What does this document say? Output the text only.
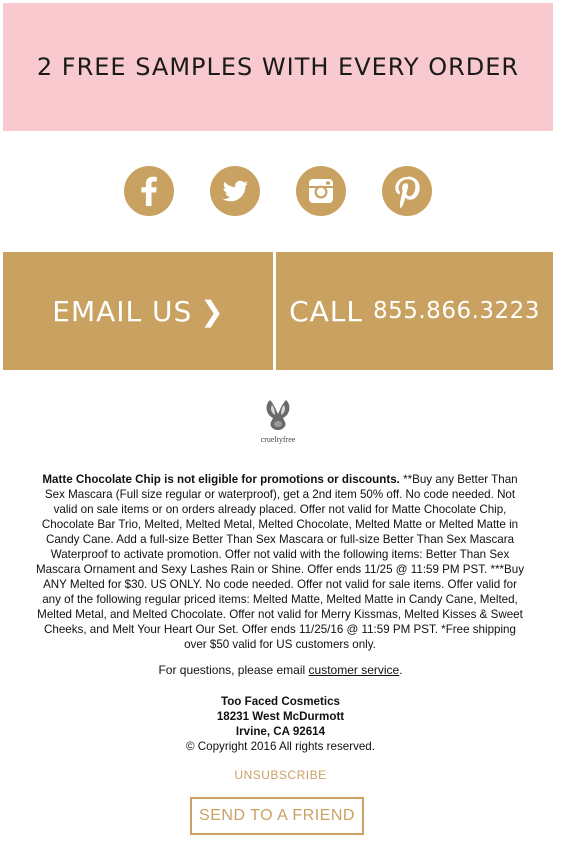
2 FREE SAMPLES WITH EVERY ORDER
EMAIL US ❯ CALL 855.866.3223
crueltyfree
Matte Chocolate Chip is not eligible for promotions or discounts. **Buy any Better Than Sex Mascara (Full size regular or waterproof), get a 2nd item 50% off. No code needed. Not valid on sale items or on orders already placed. Offer not valid for Matte Chocolate Chip, Chocolate Bar Trio, Melted, Melted Metal, Melted Chocolate, Melted Matte or Melted Matte in Candy Cane. Add a full-size Better Than Sex Mascara or full-size Better Than Sex Mascara Waterproof to activate promotion. Offer not valid with the following items: Better Than Sex Mascara Ornament and Sexy Lashes Rain or Shine. Offer ends 11/25 @ 11:59 PM PST. ***Buy ANY Melted for $30. US ONLY. No code needed. Offer not valid for sale items. Offer valid for any of the following regular priced items: Melted Matte, Melted Matte in Candy Cane, Melted, Melted Metal, and Melted Chocolate. Offer not valid for Merry Kissmas, Melted Kisses & Sweet Cheeks, and Melt Your Heart Our Set. Offer ends 11/25/16 @ 11:59 PM PST. *Free shipping over $50 valid for US customers only.
For questions, please email customer service.
Too Faced Cosmetics
18231 West McDurmott
Irvine, CA 92614
© Copyright 2016 All rights reserved.
UNSUBSCRIBE
SEND TO A FRIEND
